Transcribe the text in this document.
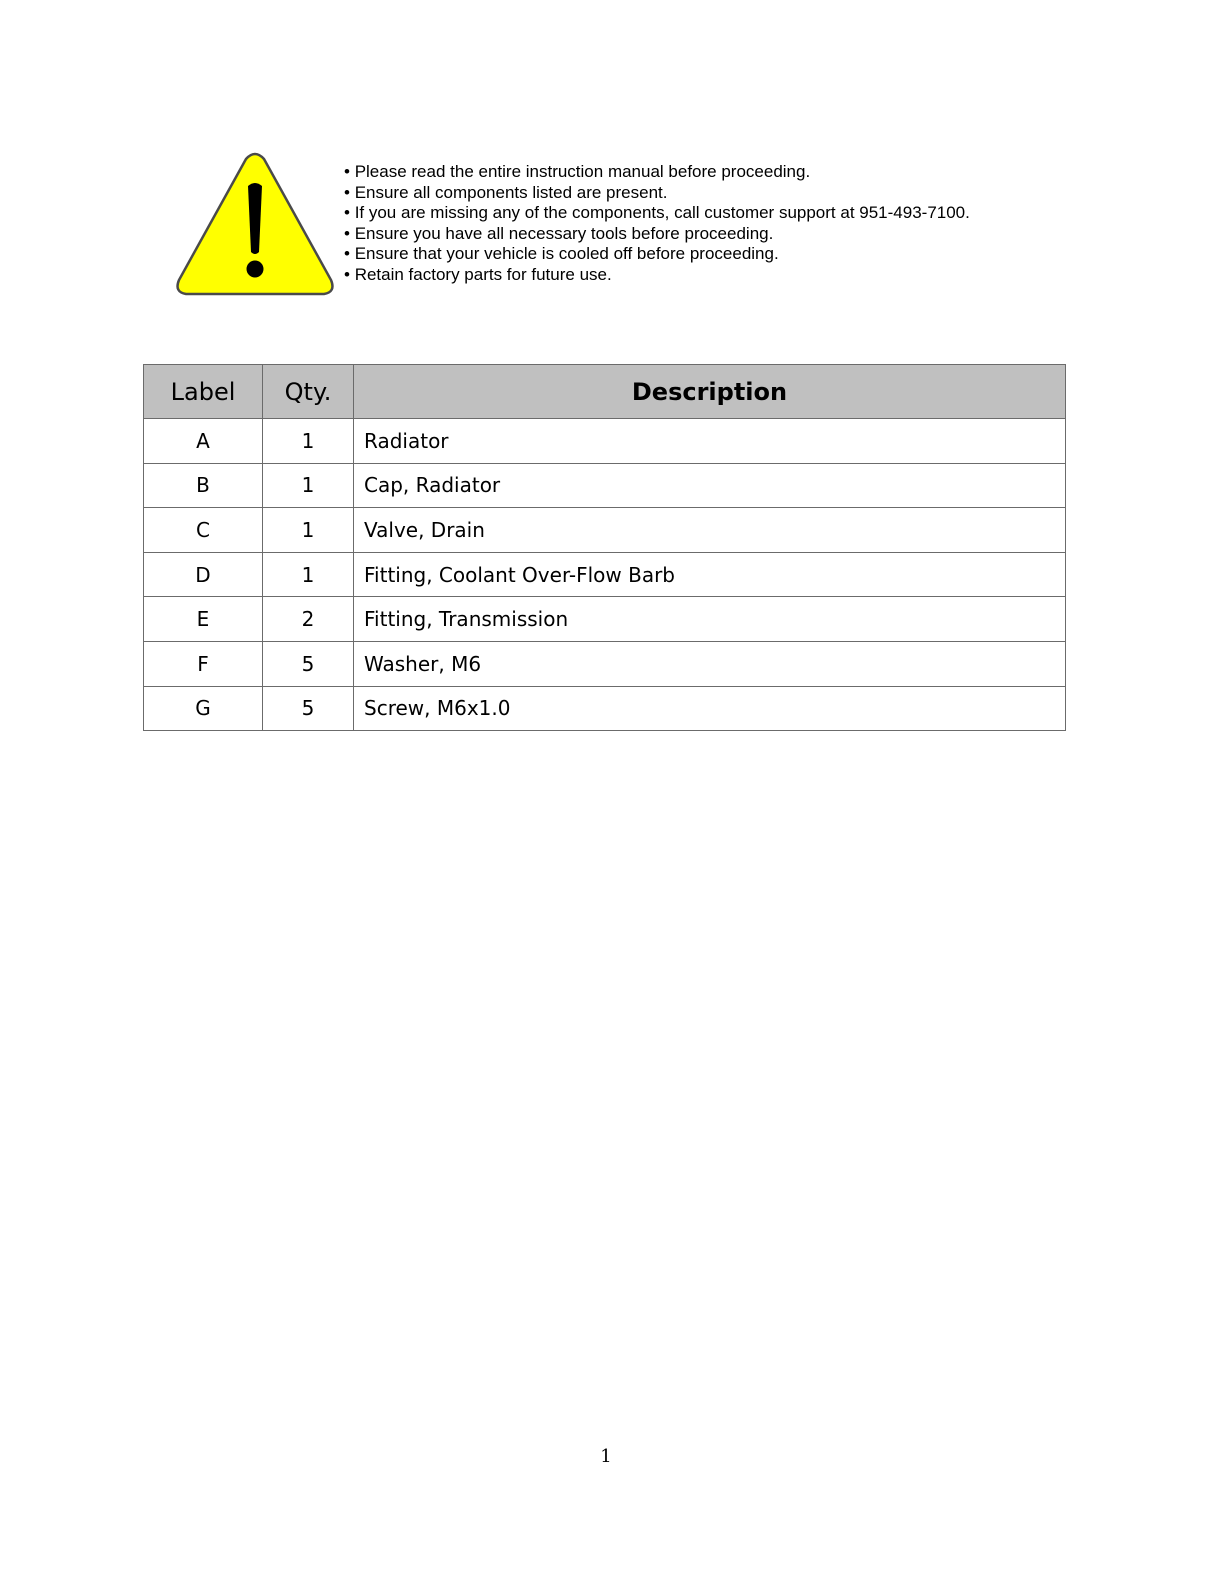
• Please read the entire instruction manual before proceeding.
• Ensure all components listed are present.
• If you are missing any of the components, call customer support at 951-493-7100.
• Ensure you have all necessary tools before proceeding.
• Ensure that your vehicle is cooled off before proceeding.
• Retain factory parts for future use.
Label	Qty.	Description
A	1	Radiator
B	1	Cap, Radiator
C	1	Valve, Drain
D	1	Fitting, Coolant Over-Flow Barb
E	2	Fitting, Transmission
F	5	Washer, M6
G	5	Screw, M6x1.0
1
